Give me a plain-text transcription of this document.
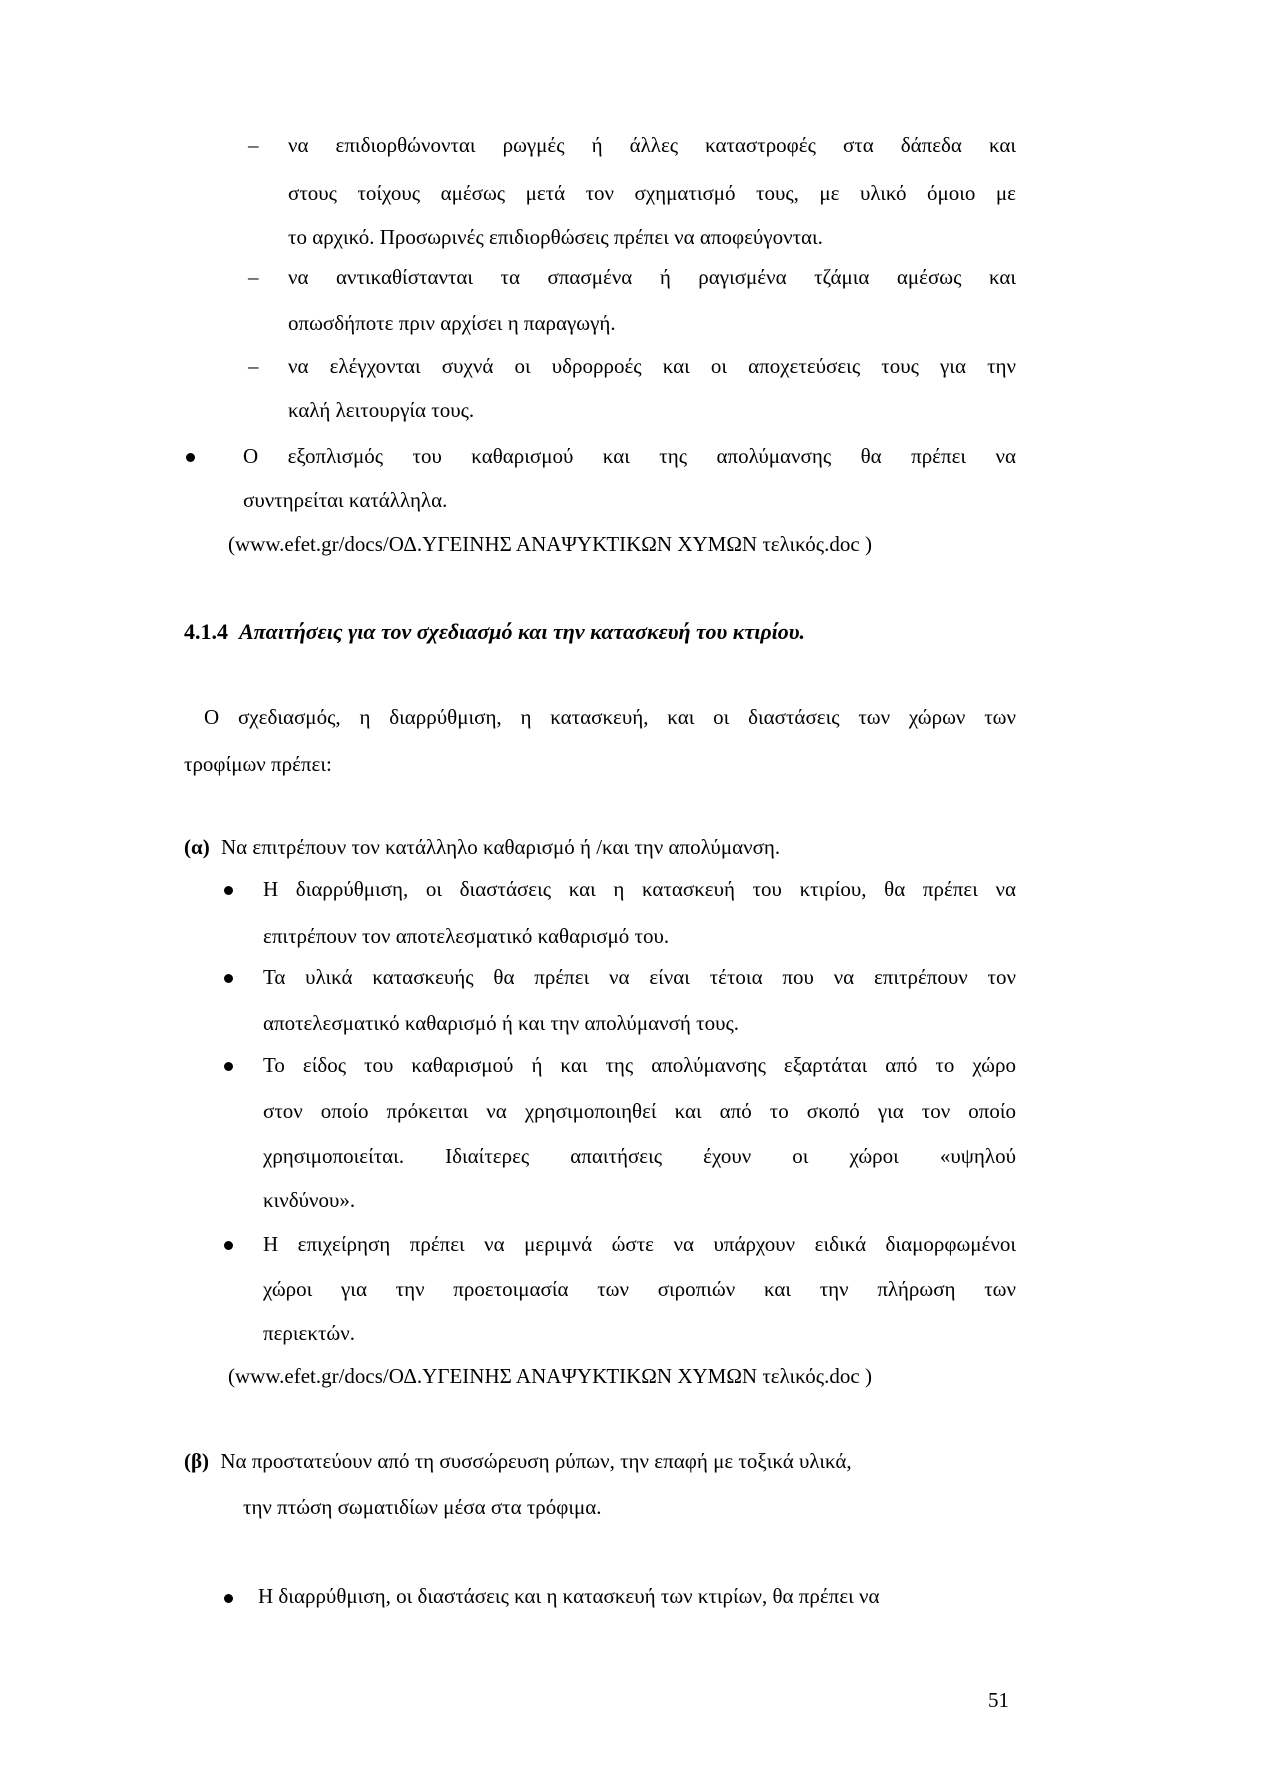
– να επιδιορθώνονται ρωγμές ή άλλες καταστροφές στα δάπεδα και
στους τοίχους αμέσως μετά τον σχηματισμό τους, με υλικό όμοιο με
το αρχικό. Προσωρινές επιδιορθώσεις πρέπει να αποφεύγονται.
– να αντικαθίστανται τα σπασμένα ή ραγισμένα τζάμια αμέσως και
οπωσδήποτε πριν αρχίσει η παραγωγή.
– να ελέγχονται συχνά οι υδρορροές και οι αποχετεύσεις τους για την
καλή λειτουργία τους.
Ο εξοπλισμός του καθαρισμού και της απολύμανσης θα πρέπει να
συντηρείται κατάλληλα.
(www.efet.gr/docs/ΟΔ.ΥΓΕΙΝΗΣ ΑΝΑΨΥΚΤΙΚΩΝ ΧΥΜΩΝ τελικός.doc )
4.1.4 Απαιτήσεις για τον σχεδιασμό και την κατασκευή του κτιρίου.
Ο σχεδιασμός, η διαρρύθμιση, η κατασκευή, και οι διαστάσεις των χώρων των
τροφίμων πρέπει:
(α) Να επιτρέπουν τον κατάλληλο καθαρισμό ή /και την απολύμανση.
Η διαρρύθμιση, οι διαστάσεις και η κατασκευή του κτιρίου, θα πρέπει να
επιτρέπουν τον αποτελεσματικό καθαρισμό του.
Τα υλικά κατασκευής θα πρέπει να είναι τέτοια που να επιτρέπουν τον
αποτελεσματικό καθαρισμό ή και την απολύμανσή τους.
Το είδος του καθαρισμού ή και της απολύμανσης εξαρτάται από το χώρο
στον οποίο πρόκειται να χρησιμοποιηθεί και από το σκοπό για τον οποίο
χρησιμοποιείται. Ιδιαίτερες απαιτήσεις έχουν οι χώροι «υψηλού
κινδύνου».
Η επιχείρηση πρέπει να μεριμνά ώστε να υπάρχουν ειδικά διαμορφωμένοι
χώροι για την προετοιμασία των σιροπιών και την πλήρωση των
περιεκτών.
(www.efet.gr/docs/ΟΔ.ΥΓΕΙΝΗΣ ΑΝΑΨΥΚΤΙΚΩΝ ΧΥΜΩΝ τελικός.doc )
(β) Να προστατεύουν από τη συσσώρευση ρύπων, την επαφή με τοξικά υλικά,
την πτώση σωματιδίων μέσα στα τρόφιμα.
Η διαρρύθμιση, οι διαστάσεις και η κατασκευή των κτιρίων, θα πρέπει να
51
